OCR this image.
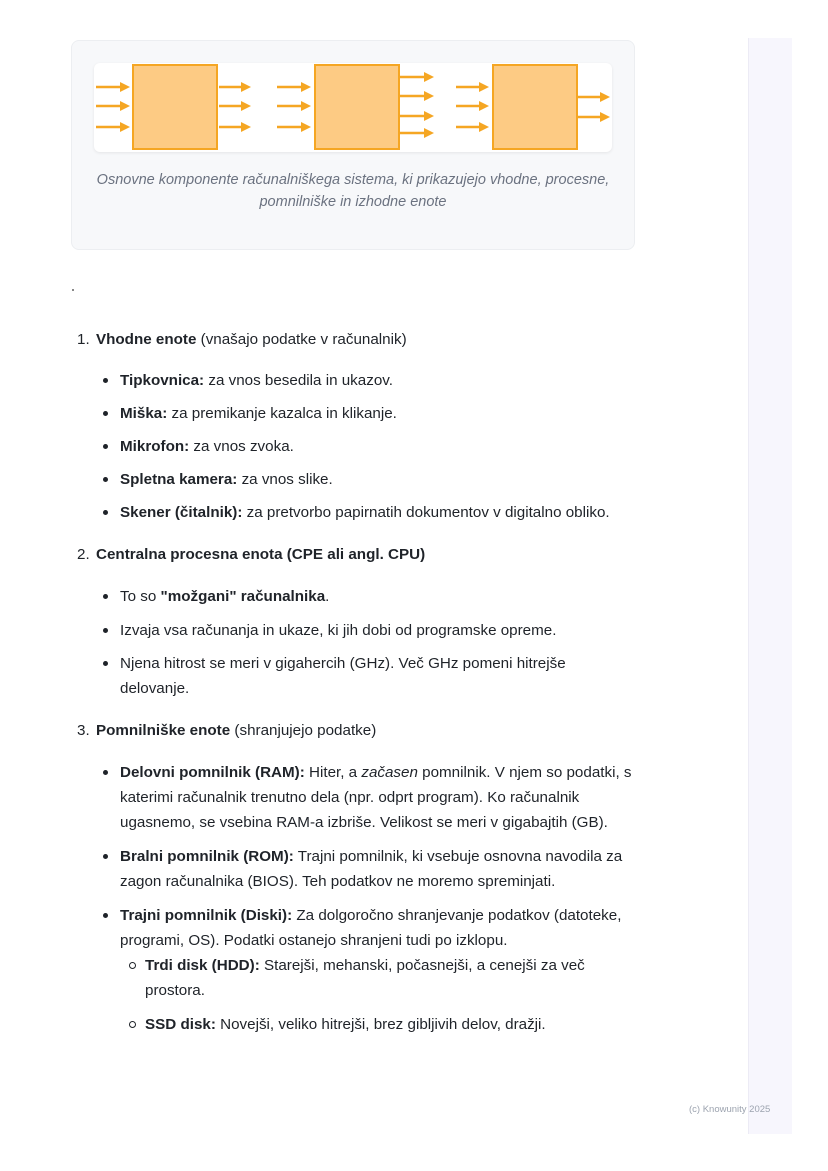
Osnovne komponente računalniškega sistema, ki prikazujejo vhodne, procesne, pomnilniške in izhodne enote
1. Vhodne enote (vnašajo podatke v računalnik)
Tipkovnica: za vnos besedila in ukazov.
Miška: za premikanje kazalca in klikanje.
Mikrofon: za vnos zvoka.
Spletna kamera: za vnos slike.
Skener (čitalnik): za pretvorbo papirnatih dokumentov v digitalno obliko.
2. Centralna procesna enota (CPE ali angl. CPU)
To so "možgani" računalnika.
Izvaja vsa računanja in ukaze, ki jih dobi od programske opreme.
Njena hitrost se meri v gigahercih (GHz). Več GHz pomeni hitrejše delovanje.
3. Pomnilniške enote (shranjujejo podatke)
Delovni pomnilnik (RAM): Hiter, a začasen pomnilnik. V njem so podatki, s katerimi računalnik trenutno dela (npr. odprt program). Ko računalnik ugasnemo, se vsebina RAM-a izbriše. Velikost se meri v gigabajtih (GB).
Bralni pomnilnik (ROM): Trajni pomnilnik, ki vsebuje osnovna navodila za zagon računalnika (BIOS). Teh podatkov ne moremo spreminjati.
Trajni pomnilnik (Diski): Za dolgoročno shranjevanje podatkov (datoteke, programi, OS). Podatki ostanejo shranjeni tudi po izklopu.
Trdi disk (HDD): Starejši, mehanski, počasnejši, a cenejši za več prostora.
SSD disk: Novejši, veliko hitrejši, brez gibljivih delov, dražji.
(c) Knowunity 2025
